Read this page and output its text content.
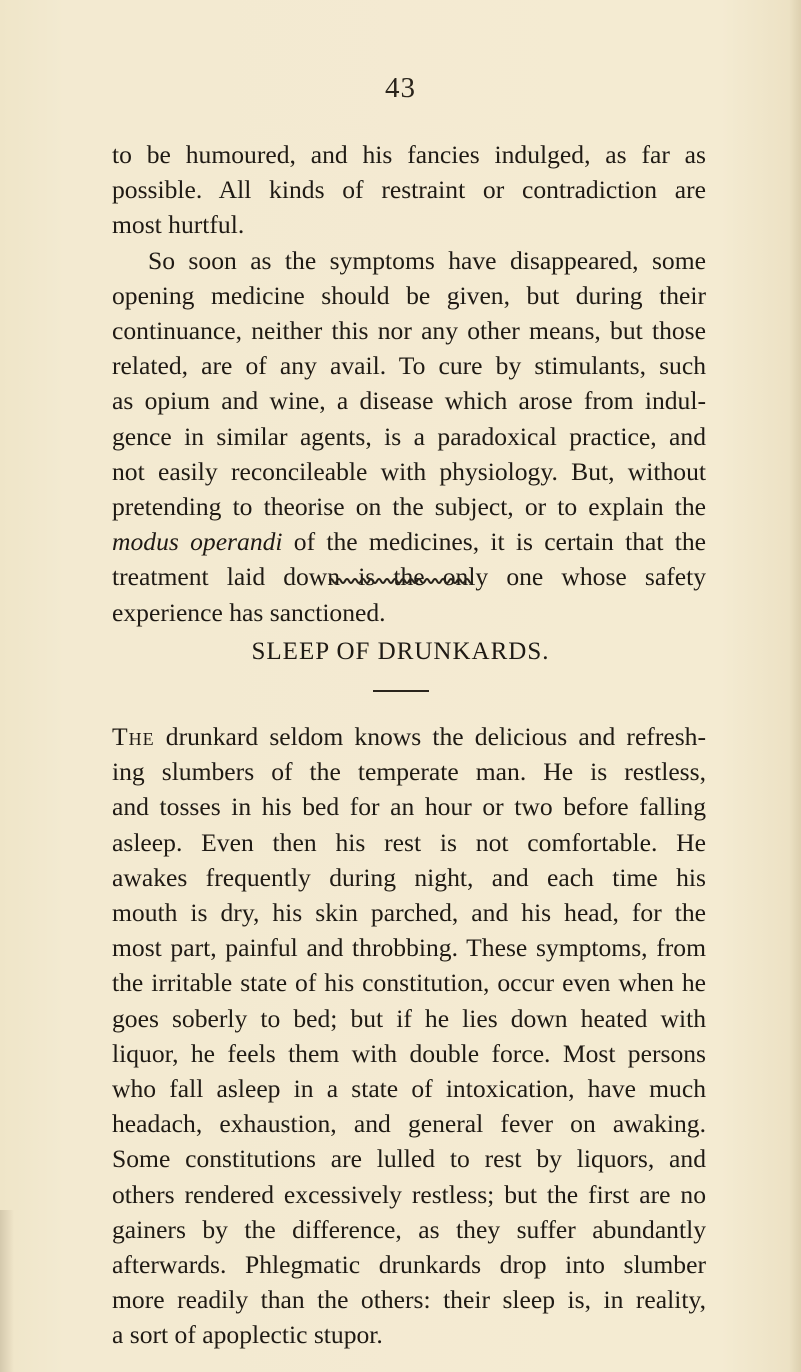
43
to be humoured, and his fancies indulged, as far as
possible. All kinds of restraint or contradiction are
most hurtful.
So soon as the symptoms have disappeared, some
opening medicine should be given, but during their
continuance, neither this nor any other means, but those
related, are of any avail. To cure by stimulants, such
as opium and wine, a disease which arose from indul-
gence in similar agents, is a paradoxical practice, and
not easily reconcileable with physiology. But, without
pretending to theorise on the subject, or to explain the
modus operandi of the medicines, it is certain that the
treatment laid down is the only one whose safety
experience has sanctioned.
SLEEP OF DRUNKARDS.
The drunkard seldom knows the delicious and refresh-
ing slumbers of the temperate man. He is restless,
and tosses in his bed for an hour or two before falling
asleep. Even then his rest is not comfortable. He
awakes frequently during night, and each time his
mouth is dry, his skin parched, and his head, for the
most part, painful and throbbing. These symptoms, from
the irritable state of his constitution, occur even when he
goes soberly to bed; but if he lies down heated with
liquor, he feels them with double force. Most persons
who fall asleep in a state of intoxication, have much
headach, exhaustion, and general fever on awaking.
Some constitutions are lulled to rest by liquors, and
others rendered excessively restless; but the first are no
gainers by the difference, as they suffer abundantly
afterwards. Phlegmatic drunkards drop into slumber
more readily than the others: their sleep is, in reality,
a sort of apoplectic stupor.
